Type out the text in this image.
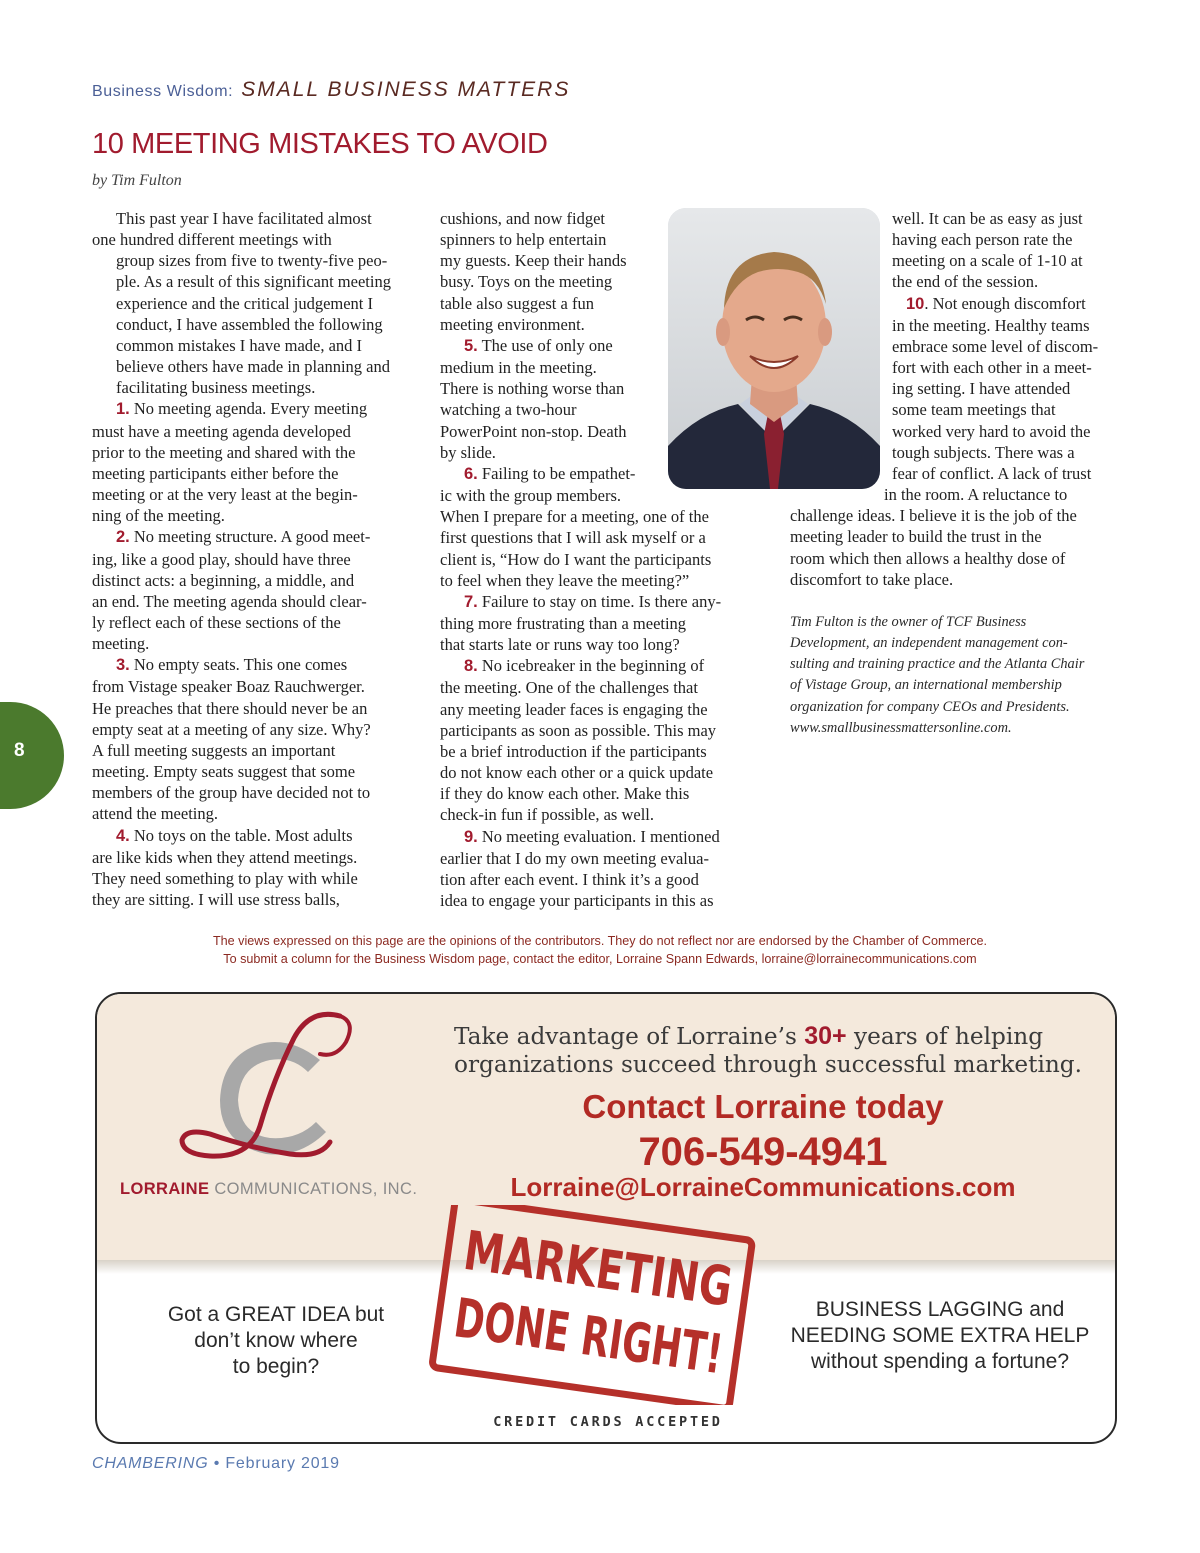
Business Wisdom: SMALL BUSINESS MATTERS
10 MEETING MISTAKES TO AVOID
by Tim Fulton

This past year I have facilitated almost
one hundred different meetings with
group sizes from five to twenty-five peo-
ple. As a result of this significant meeting
experience and the critical judgement I
conduct, I have assembled the following
common mistakes I have made, and I
believe others have made in planning and
facilitating business meetings.

1. No meeting agenda. Every meeting
must have a meeting agenda developed
prior to the meeting and shared with the
meeting participants either before the
meeting or at the very least at the begin-
ning of the meeting.

2. No meeting structure. A good meet-
ing, like a good play, should have three
distinct acts: a beginning, a middle, and
an end. The meeting agenda should clear-
ly reflect each of these sections of the
meeting.

3. No empty seats. This one comes
from Vistage speaker Boaz Rauchwerger.
He preaches that there should never be an
empty seat at a meeting of any size. Why?
A full meeting suggests an important
meeting. Empty seats suggest that some
members of the group have decided not to
attend the meeting.

4. No toys on the table. Most adults
are like kids when they attend meetings.
They need something to play with while
they are sitting. I will use stress balls,

cushions, and now fidget
spinners to help entertain
my guests. Keep their hands
busy. Toys on the meeting
table also suggest a fun
meeting environment.

5. The use of only one
medium in the meeting.
There is nothing worse than
watching a two-hour
PowerPoint non-stop. Death
by slide.

6. Failing to be empathet-
ic with the group members.
When I prepare for a meeting, one of the
first questions that I will ask myself or a
client is, “How do I want the participants
to feel when they leave the meeting?”

7. Failure to stay on time. Is there any-
thing more frustrating than a meeting
that starts late or runs way too long?

8. No icebreaker in the beginning of
the meeting. One of the challenges that
any meeting leader faces is engaging the
participants as soon as possible. This may
be a brief introduction if the participants
do not know each other or a quick update
if they do know each other. Make this
check-in fun if possible, as well.

9. No meeting evaluation. I mentioned
earlier that I do my own meeting evalua-
tion after each event. I think it’s a good
idea to engage your participants in this as

well. It can be as easy as just
having each person rate the
meeting on a scale of 1-10 at
the end of the session.

10. Not enough discomfort
in the meeting. Healthy teams
embrace some level of discom-
fort with each other in a meet-
ing setting. I have attended
some team meetings that
worked very hard to avoid the
tough subjects. There was a
fear of conflict. A lack of trust
in the room. A reluctance to
challenge ideas. I believe it is the job of the
meeting leader to build the trust in the
room which then allows a healthy dose of
discomfort to take place.

Tim Fulton is the owner of TCF Business
Development, an independent management con-
sulting and training practice and the Atlanta Chair
of Vistage Group, an international membership
organization for company CEOs and Presidents.
www.smallbusinessmattersonline.com.

8
The views expressed on this page are the opinions of the contributors. They do not reflect nor are endorsed by the Chamber of Commerce.
To submit a column for the Business Wisdom page, contact the editor, Lorraine Spann Edwards, lorraine@lorrainecommunications.com
LORRAINE COMMUNICATIONS, INC.
Take advantage of Lorraine’s 30+ years of helping
organizations succeed through successful marketing.
Contact Lorraine today
706-549-4941
Lorraine@LorraineCommunications.com
MARKETING
DONE RIGHT!
Got a GREAT IDEA but
don’t know where
to begin?
BUSINESS LAGGING and
NEEDING SOME EXTRA HELP
without spending a fortune?
CREDIT CARDS ACCEPTED
CHAMBERING • February 2019
